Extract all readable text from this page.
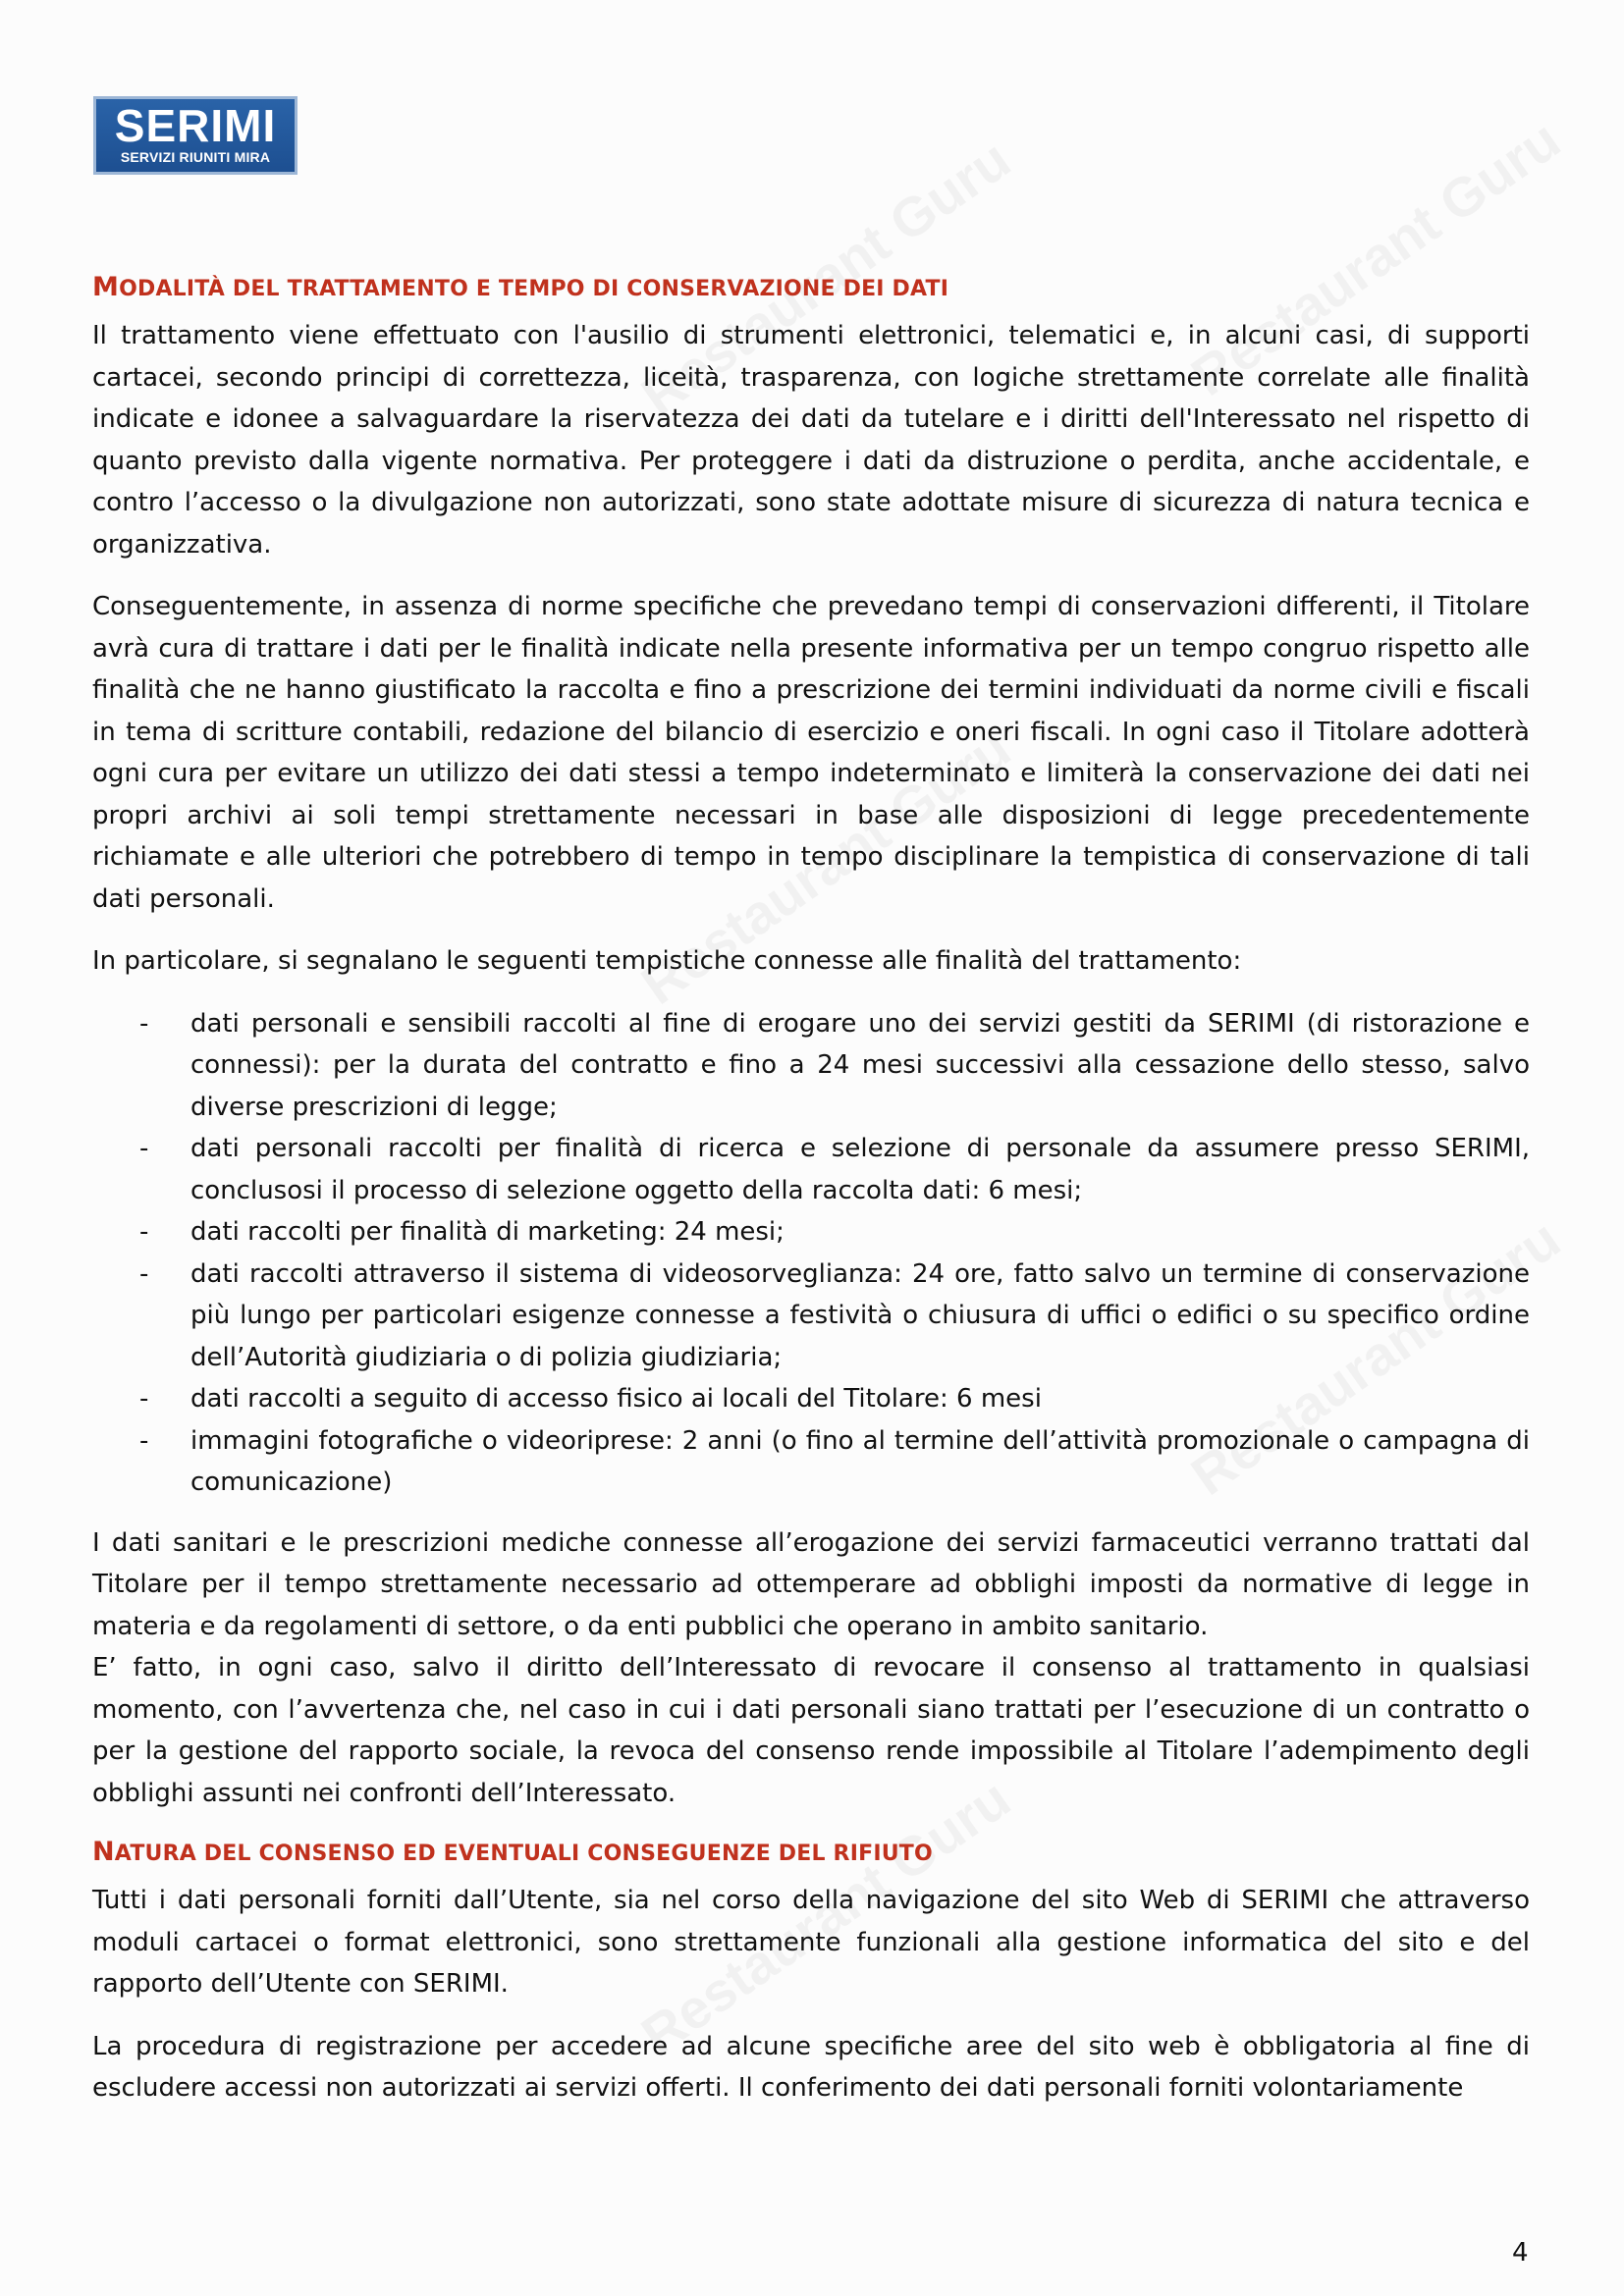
SERIMI
SERVIZI RIUNITI MIRA
MODALITÀ DEL TRATTAMENTO E TEMPO DI CONSERVAZIONE DEI DATI

Il trattamento viene effettuato con l'ausilio di strumenti elettronici, telematici e, in alcuni casi, di supporti cartacei, secondo principi di correttezza, liceità, trasparenza, con logiche strettamente correlate alle finalità indicate e idonee a salvaguardare la riservatezza dei dati da tutelare e i diritti dell'Interessato nel rispetto di quanto previsto dalla vigente normativa. Per proteggere i dati da distruzione o perdita, anche accidentale, e contro l’accesso o la divulgazione non autorizzati, sono state adottate misure di sicurezza di natura tecnica e organizzativa.

Conseguentemente, in assenza di norme specifiche che prevedano tempi di conservazioni differenti, il Titolare avrà cura di trattare i dati per le finalità indicate nella presente informativa per un tempo congruo rispetto alle finalità che ne hanno giustificato la raccolta e fino a prescrizione dei termini individuati da norme civili e fiscali in tema di scritture contabili, redazione del bilancio di esercizio e oneri fiscali. In ogni caso il Titolare adotterà ogni cura per evitare un utilizzo dei dati stessi a tempo indeterminato e limiterà la conservazione dei dati nei propri archivi ai soli tempi strettamente necessari in base alle disposizioni di legge precedentemente richiamate e alle ulteriori che potrebbero di tempo in tempo disciplinare la tempistica di conservazione di tali dati personali.

In particolare, si segnalano le seguenti tempistiche connesse alle finalità del trattamento:

- dati personali e sensibili raccolti al fine di erogare uno dei servizi gestiti da SERIMI (di ristorazione e connessi): per la durata del contratto e fino a 24 mesi successivi alla cessazione dello stesso, salvo diverse prescrizioni di legge;
- dati personali raccolti per finalità di ricerca e selezione di personale da assumere presso SERIMI, conclusosi il processo di selezione oggetto della raccolta dati: 6 mesi;
- dati raccolti per finalità di marketing: 24 mesi;
- dati raccolti attraverso il sistema di videosorveglianza: 24 ore, fatto salvo un termine di conservazione più lungo per particolari esigenze connesse a festività o chiusura di uffici o edifici o su specifico ordine dell’Autorità giudiziaria o di polizia giudiziaria;
- dati raccolti a seguito di accesso fisico ai locali del Titolare: 6 mesi
- immagini fotografiche o videoriprese: 2 anni (o fino al termine dell’attività promozionale o campagna di comunicazione)

I dati sanitari e le prescrizioni mediche connesse all’erogazione dei servizi farmaceutici verranno trattati dal Titolare per il tempo strettamente necessario ad ottemperare ad obblighi imposti da normative di legge in materia e da regolamenti di settore, o da enti pubblici che operano in ambito sanitario.

E’ fatto, in ogni caso, salvo il diritto dell’Interessato di revocare il consenso al trattamento in qualsiasi momento, con l’avvertenza che, nel caso in cui i dati personali siano trattati per l’esecuzione di un contratto o per la gestione del rapporto sociale, la revoca del consenso rende impossibile al Titolare l’adempimento degli obblighi assunti nei confronti dell’Interessato.

NATURA DEL CONSENSO ED EVENTUALI CONSEGUENZE DEL RIFIUTO

Tutti i dati personali forniti dall’Utente, sia nel corso della navigazione del sito Web di SERIMI che attraverso moduli cartacei o format elettronici, sono strettamente funzionali alla gestione informatica del sito e del rapporto dell’Utente con SERIMI.

La procedura di registrazione per accedere ad alcune specifiche aree del sito web è obbligatoria al fine di escludere accessi non autorizzati ai servizi offerti. Il conferimento dei dati personali forniti volontariamente

4
